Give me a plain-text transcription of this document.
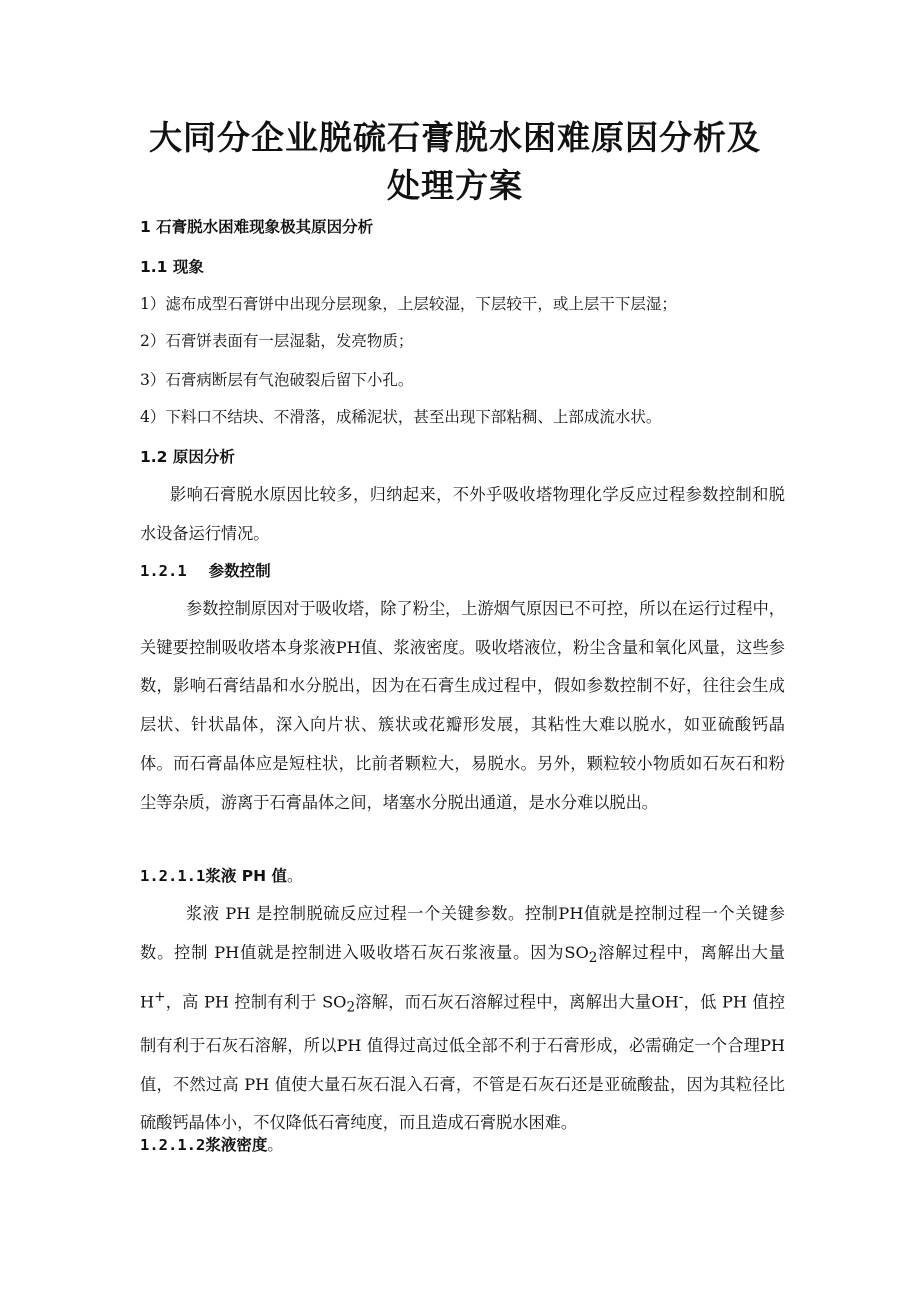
大同分企业脱硫石膏脱水困难原因分析及
处理方案
1 石膏脱水困难现象极其原因分析
1.1 现象
1）滤布成型石膏饼中出现分层现象，上层较湿，下层较干，或上层干下层湿；
2）石膏饼表面有一层湿黏，发亮物质；
3）石膏病断层有气泡破裂后留下小孔。
4）下料口不结块、不滑落，成稀泥状，甚至出现下部粘稠、上部成流水状。
1.2 原因分析

影响石膏脱水原因比较多，归纳起来，不外乎吸收塔物理化学反应过程参数控制和脱水设备运行情况。

1.2.1 参数控制

参数控制原因对于吸收塔，除了粉尘，上游烟气原因已不可控，所以在运行过程中，关键要控制吸收塔本身浆液PH值、浆液密度。吸收塔液位，粉尘含量和氧化风量，这些参数，影响石膏结晶和水分脱出，因为在石膏生成过程中，假如参数控制不好，往往会生成层状、针状晶体，深入向片状、簇状或花瓣形发展，其粘性大难以脱水，如亚硫酸钙晶体。而石膏晶体应是短柱状，比前者颗粒大，易脱水。另外，颗粒较小物质如石灰石和粉尘等杂质，游离于石膏晶体之间，堵塞水分脱出通道，是水分难以脱出。

1.2.1.1浆液 PH 值。

浆液 PH 是控制脱硫反应过程一个关键参数。控制PH值就是控制过程一个关键参数。控制 PH值就是控制进入吸收塔石灰石浆液量。因为$SO_2$溶解过程中，离解出大量H+，高 PH 控制有利于 $SO_2$溶解，而石灰石溶解过程中，离解出大量OH-，低 PH 值控制有利于石灰石溶解，所以PH 值得过高过低全部不利于石膏形成，必需确定一个合理PH 值，不然过高 PH 值使大量石灰石混入石膏，不管是石灰石还是亚硫酸盐，因为其粒径比硫酸钙晶体小，不仅降低石膏纯度，而且造成石膏脱水困难。

1.2.1.2浆液密度。
